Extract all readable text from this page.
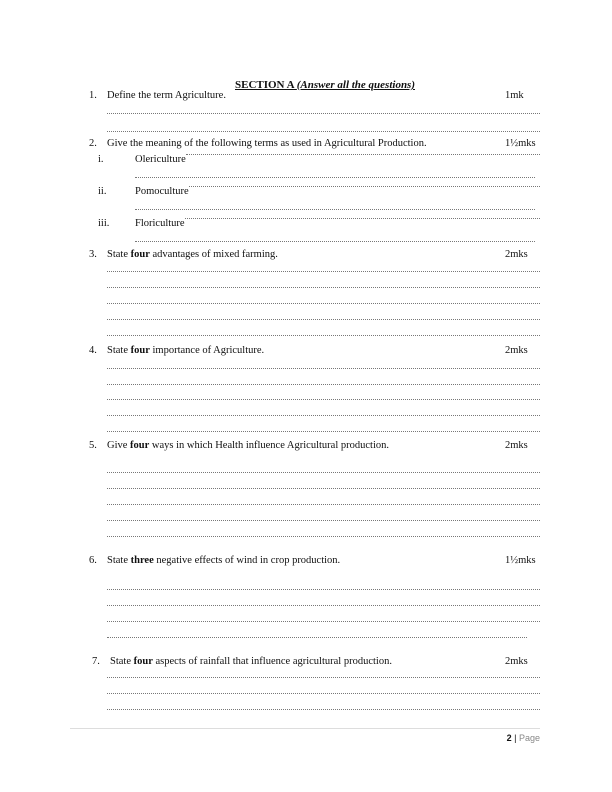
SECTION A (Answer all the questions)
1. Define the term Agriculture.	1mk
2. Give the meaning of the following terms as used in Agricultural Production.	1½mks
i.	Olericulture
ii.	Pomoculture
iii. Floriculture
3. State four advantages of mixed farming.	2mks
4. State four importance of Agriculture.	2mks
5. Give four ways in which Health influence Agricultural production.	2mks
6. State three negative effects of wind in crop production.	1½mks
7. State four aspects of rainfall that influence agricultural production.	2mks
2 | Page
